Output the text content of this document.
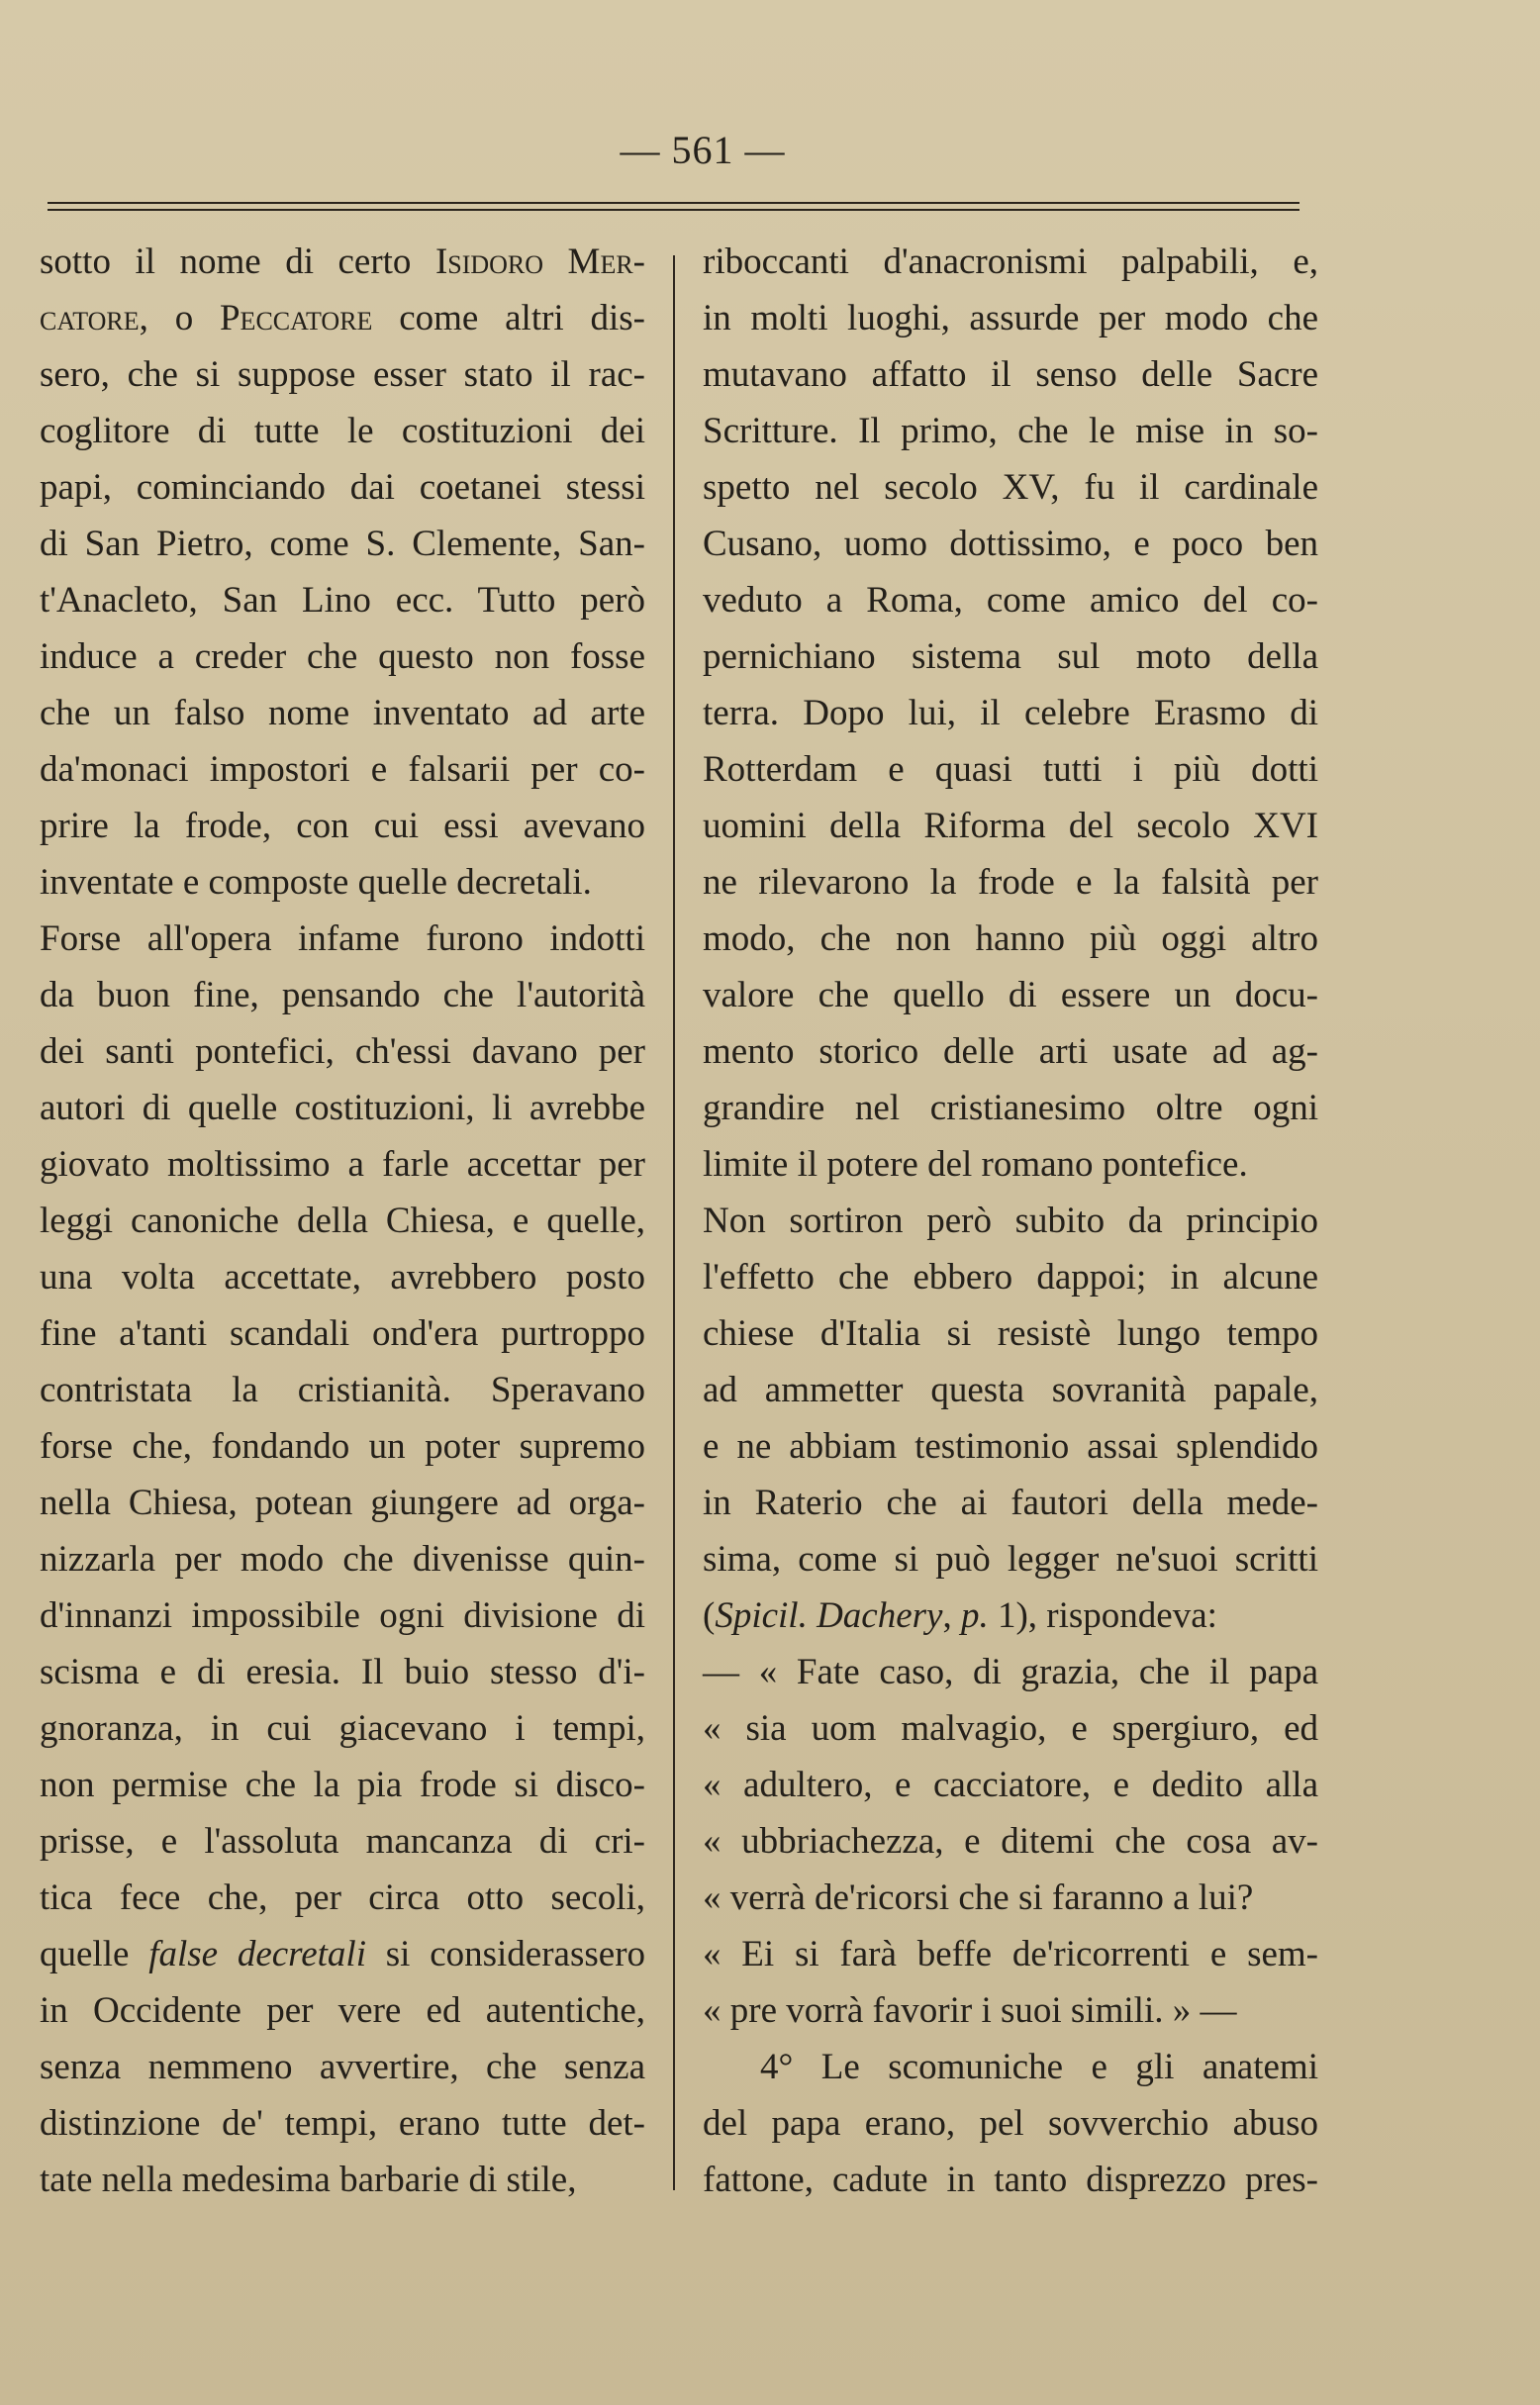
— 561 —
sotto il nome di certo Isidoro Mer-
catore, o Peccatore come altri dis-
sero, che si suppose esser stato il rac-
coglitore di tutte le costituzioni dei
papi, cominciando dai coetanei stessi
di San Pietro, come S. Clemente, San-
t'Anacleto, San Lino ecc. Tutto però
induce a creder che questo non fosse
che un falso nome inventato ad arte
da'monaci impostori e falsarii per co-
prire la frode, con cui essi avevano
inventate e composte quelle decretali.
Forse all'opera infame furono indotti
da buon fine, pensando che l'autorità
dei santi pontefici, ch'essi davano per
autori di quelle costituzioni, li avrebbe
giovato moltissimo a farle accettar per
leggi canoniche della Chiesa, e quelle,
una volta accettate, avrebbero posto
fine a'tanti scandali ond'era purtroppo
contristata la cristianità. Speravano
forse che, fondando un poter supremo
nella Chiesa, potean giungere ad orga-
nizzarla per modo che divenisse quin-
d'innanzi impossibile ogni divisione di
scisma e di eresia. Il buio stesso d'i-
gnoranza, in cui giacevano i tempi,
non permise che la pia frode si disco-
prisse, e l'assoluta mancanza di cri-
tica fece che, per circa otto secoli,
quelle false decretali si considerassero
in Occidente per vere ed autentiche,
senza nemmeno avvertire, che senza
distinzione de' tempi, erano tutte det-
tate nella medesima barbarie di stile,
riboccanti d'anacronismi palpabili, e,
in molti luoghi, assurde per modo che
mutavano affatto il senso delle Sacre
Scritture. Il primo, che le mise in so-
spetto nel secolo XV, fu il cardinale
Cusano, uomo dottissimo, e poco ben
veduto a Roma, come amico del co-
pernichiano sistema sul moto della
terra. Dopo lui, il celebre Erasmo di
Rotterdam e quasi tutti i più dotti
uomini della Riforma del secolo XVI
ne rilevarono la frode e la falsità per
modo, che non hanno più oggi altro
valore che quello di essere un docu-
mento storico delle arti usate ad ag-
grandire nel cristianesimo oltre ogni
limite il potere del romano pontefice.
Non sortiron però subito da principio
l'effetto che ebbero dappoi; in alcune
chiese d'Italia si resistè lungo tempo
ad ammetter questa sovranità papale,
e ne abbiam testimonio assai splendido
in Raterio che ai fautori della mede-
sima, come si può legger ne'suoi scritti
(Spicil. Dachery, p. 1), rispondeva:
— « Fate caso, di grazia, che il papa
« sia uom malvagio, e spergiuro, ed
« adultero, e cacciatore, e dedito alla
« ubbriachezza, e ditemi che cosa av-
« verrà de'ricorsi che si faranno a lui?
« Ei si farà beffe de'ricorrenti e sem-
« pre vorrà favorir i suoi simili. » —
4° Le scomuniche e gli anatemi
del papa erano, pel sovverchio abuso
fattone, cadute in tanto disprezzo pres-
